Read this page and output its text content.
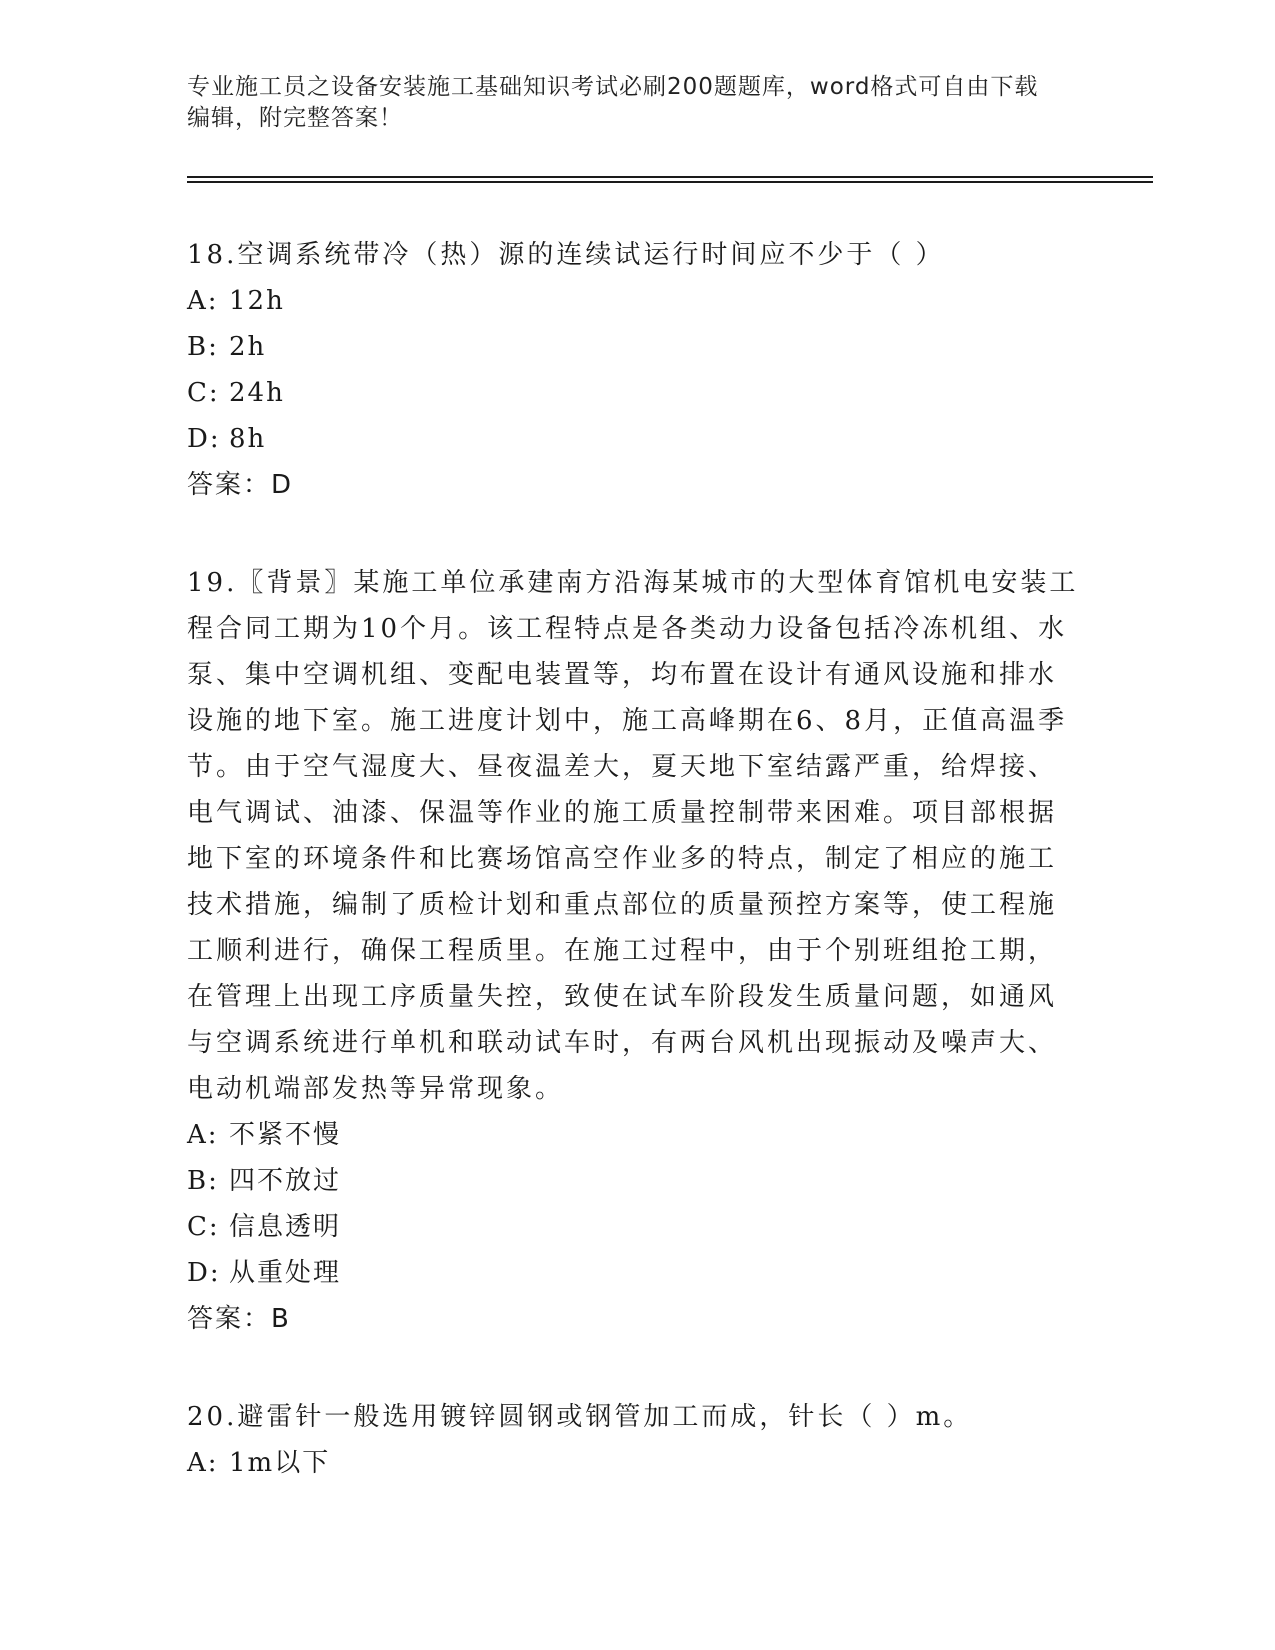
专业施工员之设备安装施工基础知识考试必刷200题题库，word格式可自由下载
编辑，附完整答案！
18.空调系统带冷（热）源的连续试运行时间应不少于（ ）
A: 12h
B: 2h
C: 24h
D: 8h
答案：D
19.〖背景〗某施工单位承建南方沿海某城市的大型体育馆机电安装工
程合同工期为10个月。该工程特点是各类动力设备包括冷冻机组、水
泵、集中空调机组、变配电装置等，均布置在设计有通风设施和排水
设施的地下室。施工进度计划中，施工高峰期在6、8月，正值高温季
节。由于空气湿度大、昼夜温差大，夏天地下室结露严重，给焊接、
电气调试、油漆、保温等作业的施工质量控制带来困难。项目部根据
地下室的环境条件和比赛场馆高空作业多的特点，制定了相应的施工
技术措施，编制了质检计划和重点部位的质量预控方案等，使工程施
工顺利进行，确保工程质里。在施工过程中，由于个别班组抢工期，
在管理上出现工序质量失控，致使在试车阶段发生质量问题，如通风
与空调系统进行单机和联动试车时，有两台风机出现振动及噪声大、
电动机端部发热等异常现象。
A: 不紧不慢
B: 四不放过
C: 信息透明
D: 从重处理
答案：B
20.避雷针一般选用镀锌圆钢或钢管加工而成，针长（ ）m。
A: 1m以下
